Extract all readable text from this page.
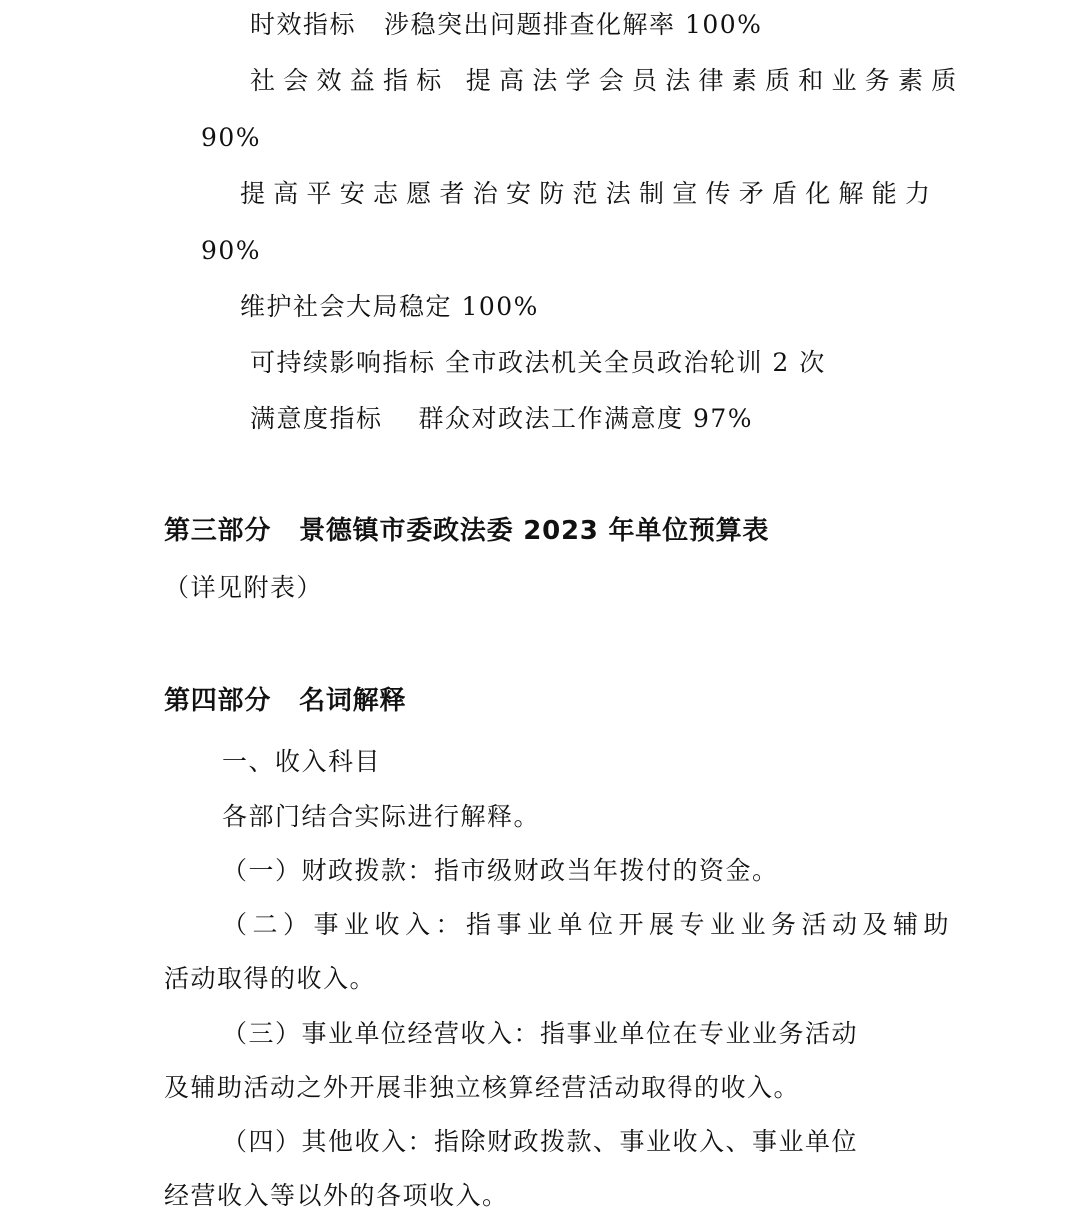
时效指标 涉稳突出问题排查化解率 100%
社会效益指标 提高法学会员法律素质和业务素质
90%
提高平安志愿者治安防范法制宣传矛盾化解能力
90%
维护社会大局稳定 100%
可持续影响指标 全市政法机关全员政治轮训 2 次
满意度指标 群众对政法工作满意度 97%
第三部分 景德镇市委政法委 2023 年单位预算表
（详见附表）
第四部分 名词解释
一、收入科目
各部门结合实际进行解释。
（一）财政拨款：指市级财政当年拨付的资金。
（二）事业收入：指事业单位开展专业业务活动及辅助
活动取得的收入。
（三）事业单位经营收入：指事业单位在专业业务活动
及辅助活动之外开展非独立核算经营活动取得的收入。
（四）其他收入：指除财政拨款、事业收入、事业单位
经营收入等以外的各项收入。
